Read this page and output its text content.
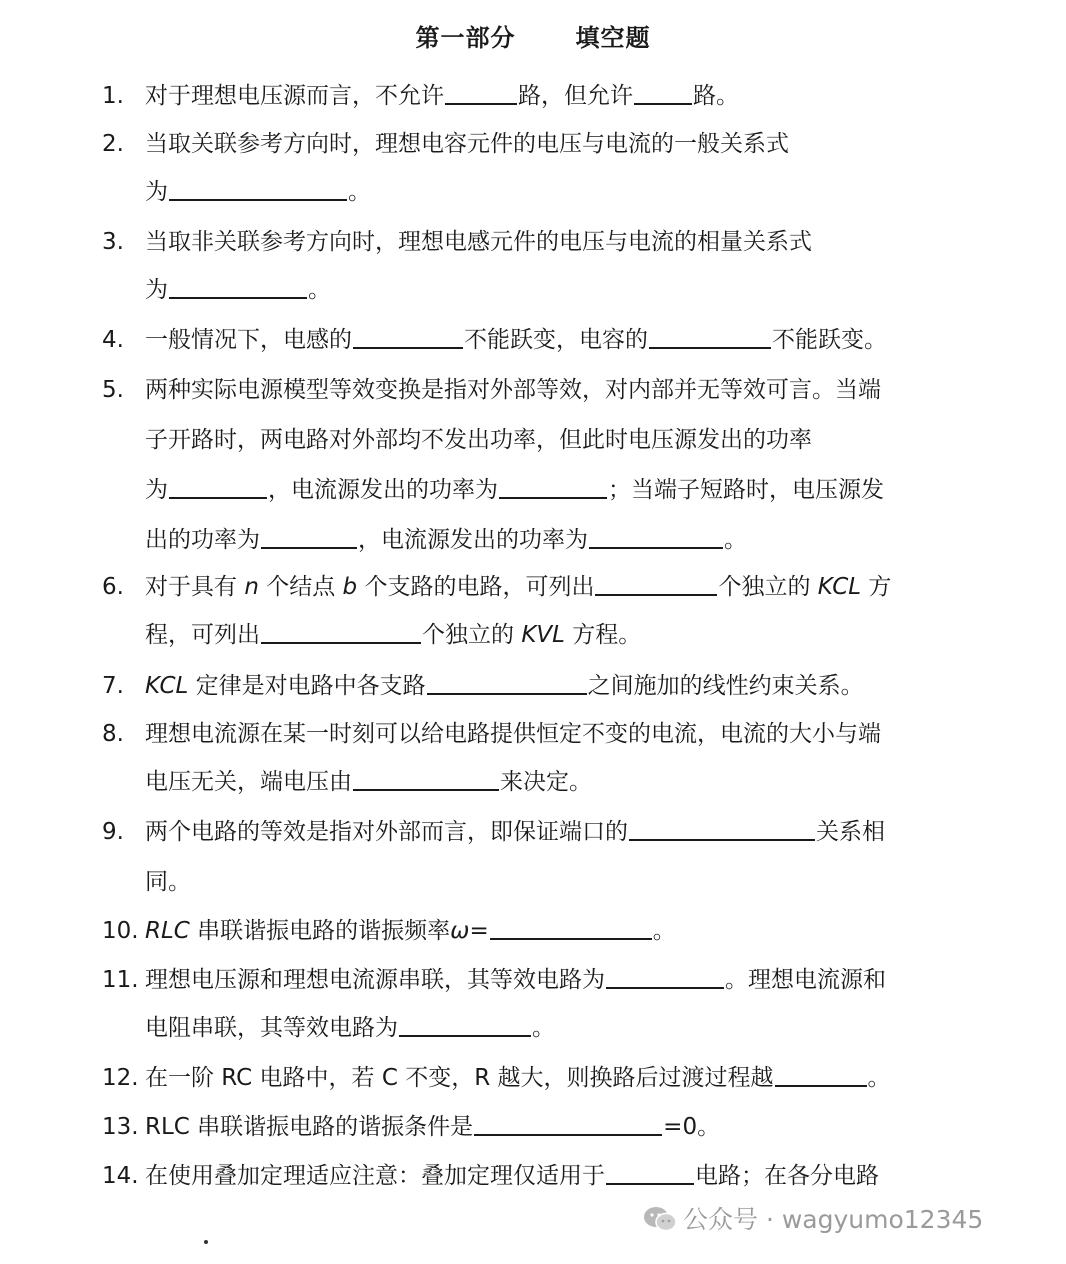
第一部分	填空题
1. 对于理想电压源而言，不允许	路，但允许	路。
2. 当取关联参考方向时，理想电容元件的电压与电流的一般关系式
为	。
3. 当取非关联参考方向时，理想电感元件的电压与电流的相量关系式
为	。
4. 一般情况下，电感的	不能跃变，电容的	不能跃变。
5. 两种实际电源模型等效变换是指对外部等效，对内部并无等效可言。当端
子开路时，两电路对外部均不发出功率，但此时电压源发出的功率
为	，电流源发出的功率为	；当端子短路时，电压源发
出的功率为	，电流源发出的功率为	。
6. 对于具有 n 个结点 b 个支路的电路，可列出	个独立的 KCL 方
程，可列出	个独立的 KVL 方程。
7. KCL 定律是对电路中各支路	之间施加的线性约束关系。
8. 理想电流源在某一时刻可以给电路提供恒定不变的电流，电流的大小与端
电压无关，端电压由	来决定。
9. 两个电路的等效是指对外部而言，即保证端口的	关系相
同。
10. RLC 串联谐振电路的谐振频率ω=	。
11. 理想电压源和理想电流源串联，其等效电路为	。理想电流源和
电阻串联，其等效电路为	。
12. 在一阶 RC 电路中，若 C 不变，R 越大，则换路后过渡过程越	。
13. RLC 串联谐振电路的谐振条件是	=0。
14. 在使用叠加定理适应注意：叠加定理仅适用于	电路；在各分电路
公众号 · wagyumo12345
